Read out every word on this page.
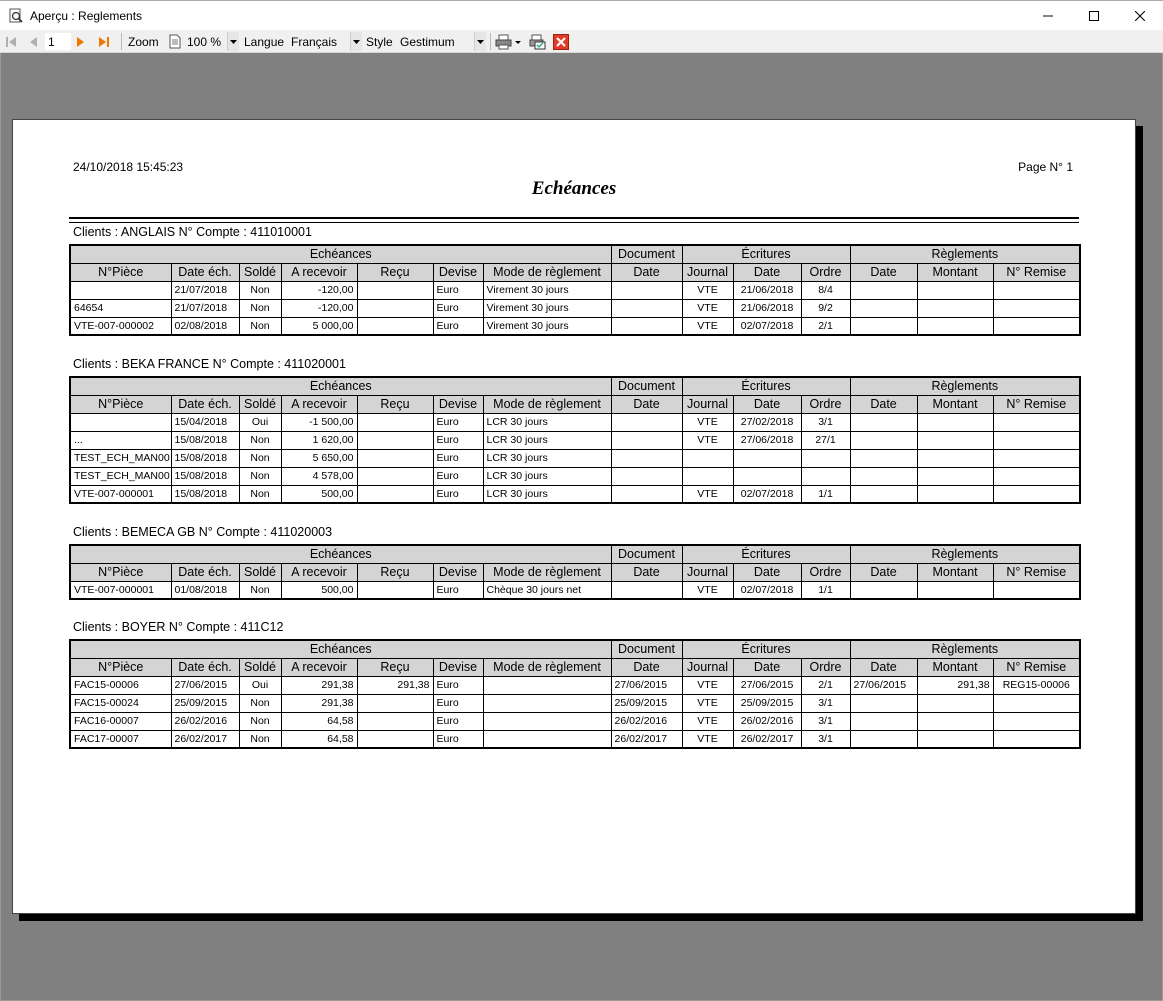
Aperçu : Reglements
1
Zoom 100 % Langue Français Style Gestimum
24/10/2018 15:45:23	Page N° 1
Echéances
Clients : ANGLAIS N° Compte : 411010001
Echéances							Document	Écritures			Règlements		
N°Pièce	Date éch.	Soldé	A recevoir	Reçu	Devise	Mode de règlement	Date	Journal	Date	Ordre	Date	Montant	N° Remise
	21/07/2018	Non	-120,00		Euro	Virement 30 jours		VTE	21/06/2018	8/4			
64654	21/07/2018	Non	-120,00		Euro	Virement 30 jours		VTE	21/06/2018	9/2			
VTE-007-000002	02/08/2018	Non	5 000,00		Euro	Virement 30 jours		VTE	02/07/2018	2/1			
Clients : BEKA FRANCE N° Compte : 411020001
Echéances							Document	Écritures			Règlements		
N°Pièce	Date éch.	Soldé	A recevoir	Reçu	Devise	Mode de règlement	Date	Journal	Date	Ordre	Date	Montant	N° Remise
	15/04/2018	Oui	-1 500,00		Euro	LCR 30 jours		VTE	27/02/2018	3/1			
...	15/08/2018	Non	1 620,00		Euro	LCR 30 jours		VTE	27/06/2018	27/1			
TEST_ECH_MAN00	15/08/2018	Non	5 650,00		Euro	LCR 30 jours							
TEST_ECH_MAN00	15/08/2018	Non	4 578,00		Euro	LCR 30 jours							
VTE-007-000001	15/08/2018	Non	500,00		Euro	LCR 30 jours		VTE	02/07/2018	1/1			
Clients : BEMECA GB N° Compte : 411020003
Echéances							Document	Écritures			Règlements		
N°Pièce	Date éch.	Soldé	A recevoir	Reçu	Devise	Mode de règlement	Date	Journal	Date	Ordre	Date	Montant	N° Remise
VTE-007-000001	01/08/2018	Non	500,00		Euro	Chèque 30 jours net		VTE	02/07/2018	1/1			
Clients : BOYER N° Compte : 411C12
Echéances							Document	Écritures			Règlements		
N°Pièce	Date éch.	Soldé	A recevoir	Reçu	Devise	Mode de règlement	Date	Journal	Date	Ordre	Date	Montant	N° Remise
FAC15-00006	27/06/2015	Oui	291,38	291,38	Euro		27/06/2015	VTE	27/06/2015	2/1	27/06/2015	291,38	REG15-00006
FAC15-00024	25/09/2015	Non	291,38		Euro		25/09/2015	VTE	25/09/2015	3/1			
FAC16-00007	26/02/2016	Non	64,58		Euro		26/02/2016	VTE	26/02/2016	3/1			
FAC17-00007	26/02/2017	Non	64,58		Euro		26/02/2017	VTE	26/02/2017	3/1			
